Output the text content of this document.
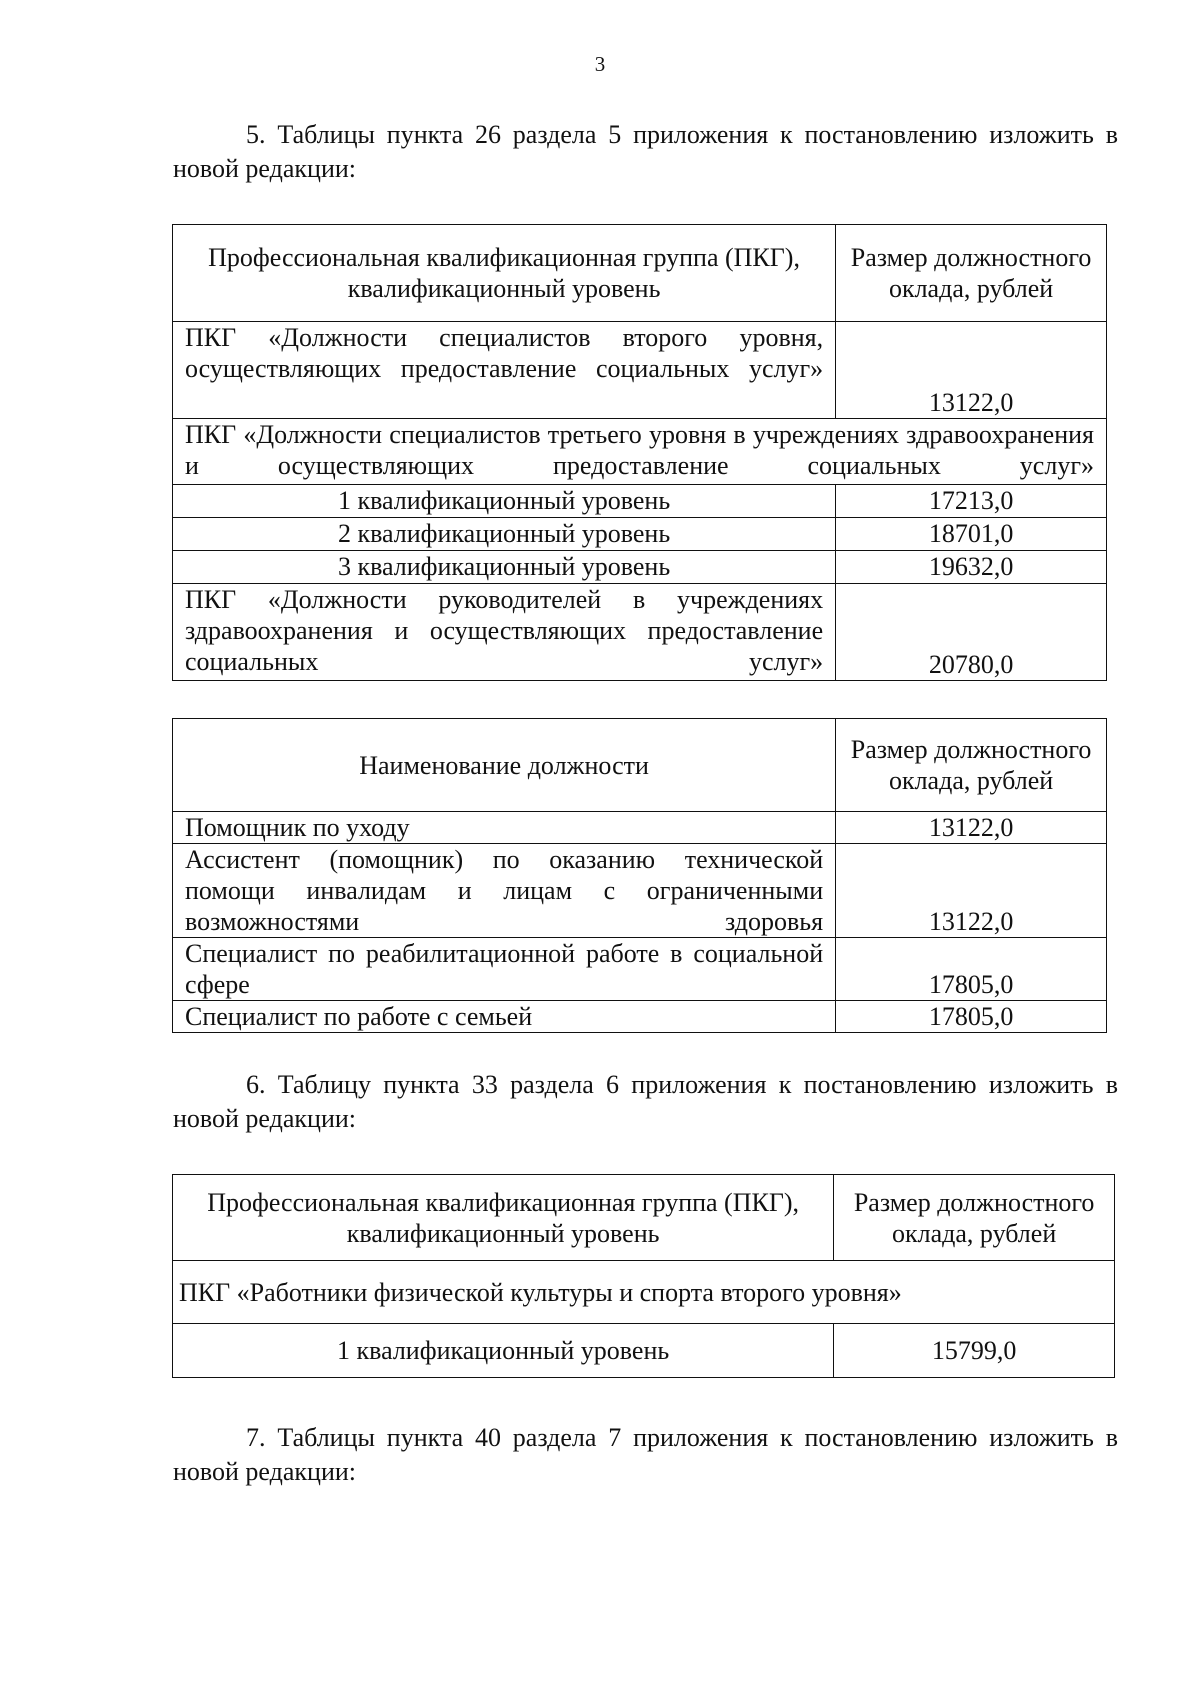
3

5. Таблицы пункта 26 раздела 5 приложения к постановлению изложить в новой редакции:

Профессиональная квалификационная группа (ПКГ), квалификационный уровень	Размер должностного оклада, рублей
ПКГ «Должности специалистов второго уровня, осуществляющих предоставление социальных услуг»	13122,0
ПКГ «Должности специалистов третьего уровня в учреждениях здравоохранения и осуществляющих предоставление социальных услуг»	
1 квалификационный уровень	17213,0
2 квалификационный уровень	18701,0
3 квалификационный уровень	19632,0
ПКГ «Должности руководителей в учреждениях здравоохранения и осуществляющих предоставление социальных услуг»	20780,0
Наименование должности	Размер должностного оклада, рублей
Помощник по уходу	13122,0
Ассистент (помощник) по оказанию технической помощи инвалидам и лицам с ограниченными возможностями здоровья	13122,0
Специалист по реабилитационной работе в социальной сфере	17805,0
Специалист по работе с семьей	17805,0

6. Таблицу пункта 33 раздела 6 приложения к постановлению изложить в новой редакции:

Профессиональная квалификационная группа (ПКГ), квалификационный уровень	Размер должностного оклада, рублей
ПКГ «Работники физической культуры и спорта второго уровня»	
1 квалификационный уровень	15799,0

7. Таблицы пункта 40 раздела 7 приложения к постановлению изложить в новой редакции:
